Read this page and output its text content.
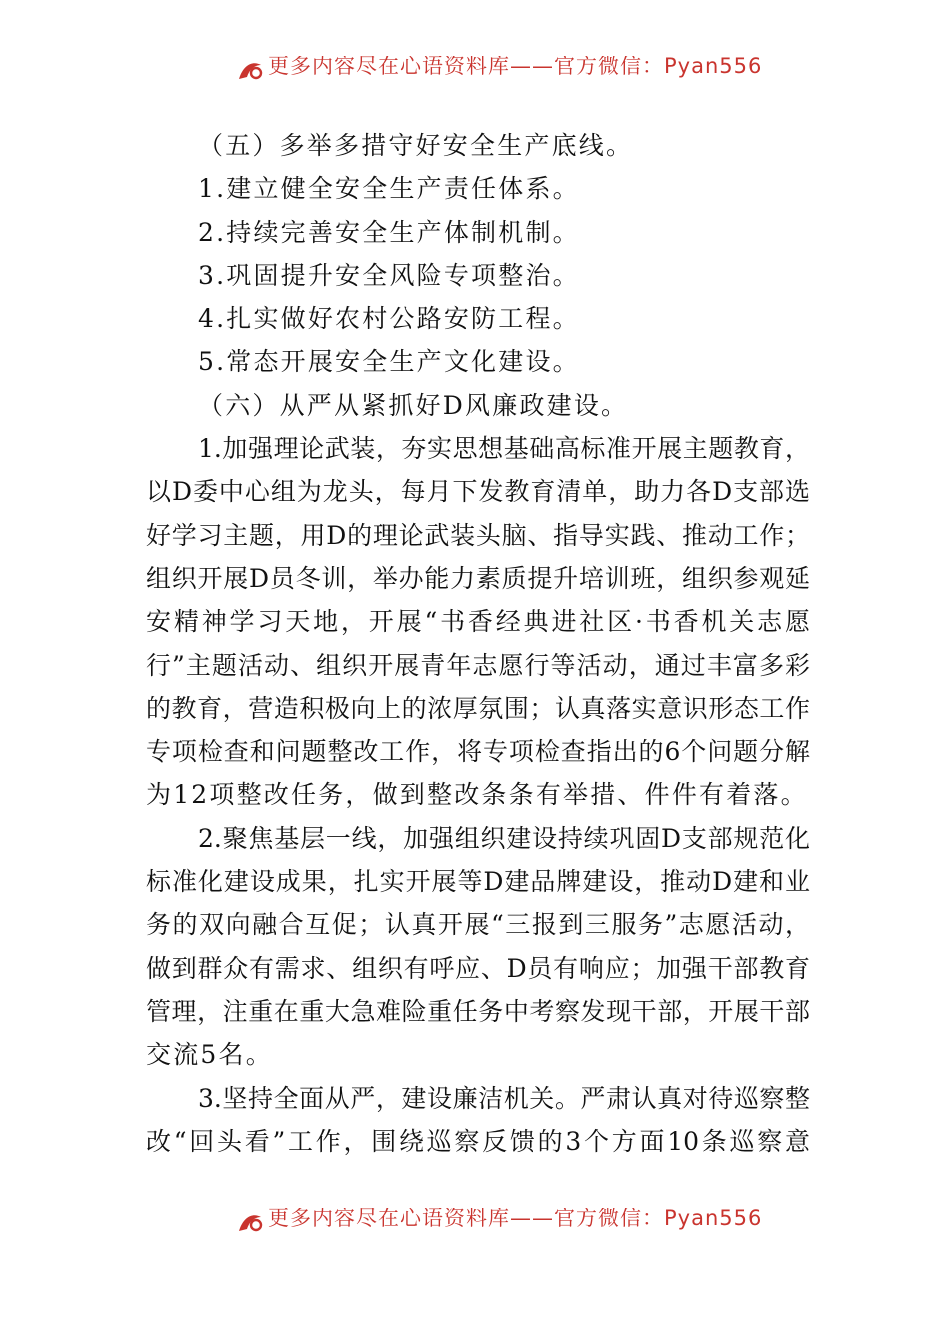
更多内容尽在心语资料库——官方微信：Pyan556
（五）多举多措守好安全生产底线。
1.建立健全安全生产责任体系。
2.持续完善安全生产体制机制。
3.巩固提升安全风险专项整治。
4.扎实做好农村公路安防工程。
5.常态开展安全生产文化建设。
（六）从严从紧抓好D风廉政建设。
1.加强理论武装，夯实思想基础高标准开展主题教育，
以D委中心组为龙头，每月下发教育清单，助力各D支部选
好学习主题，用D的理论武装头脑、指导实践、推动工作；
组织开展D员冬训，举办能力素质提升培训班，组织参观延
安精神学习天地，开展“书香经典进社区·书香机关志愿
行”主题活动、组织开展青年志愿行等活动，通过丰富多彩
的教育，营造积极向上的浓厚氛围；认真落实意识形态工作
专项检查和问题整改工作，将专项检查指出的6个问题分解
为12项整改任务，做到整改条条有举措、件件有着落。
2.聚焦基层一线，加强组织建设持续巩固D支部规范化
标准化建设成果，扎实开展等D建品牌建设，推动D建和业
务的双向融合互促；认真开展“三报到三服务”志愿活动，
做到群众有需求、组织有呼应、D员有响应；加强干部教育
管理，注重在重大急难险重任务中考察发现干部，开展干部
交流5名。
3.坚持全面从严，建设廉洁机关。严肃认真对待巡察整
改“回头看”工作，围绕巡察反馈的3个方面10条巡察意
更多内容尽在心语资料库——官方微信：Pyan556
